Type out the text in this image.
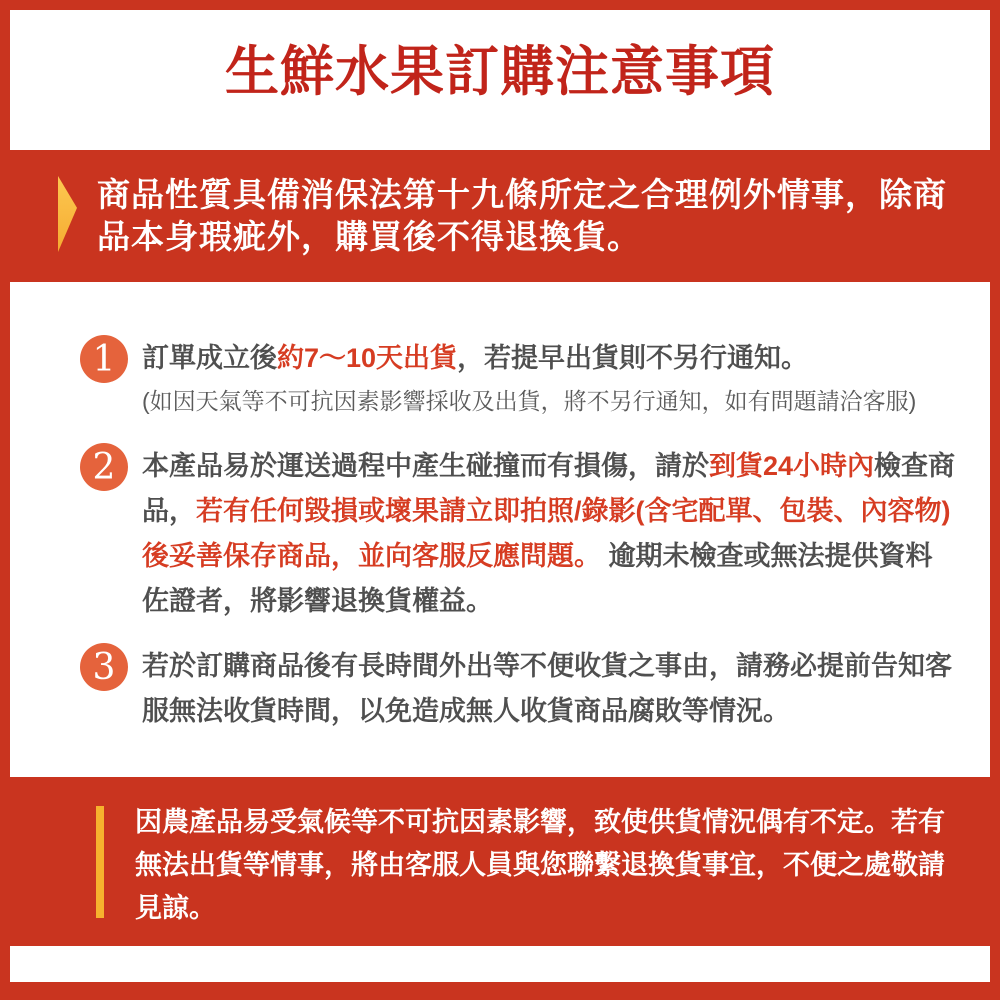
生鮮水果訂購注意事項

商品性質具備消保法第十九條所定之合理例外情事，除商品本身瑕疵外，購買後不得退換貨。

1 訂單成立後約7～10天出貨，若提早出貨則不另行通知。

(如因天氣等不可抗因素影響採收及出貨，將不另行通知，如有問題請洽客服)

2 本產品易於運送過程中產生碰撞而有損傷，請於到貨24小時內檢查商品，若有任何毀損或壞果請立即拍照/錄影(含宅配單、包裝、內容物)後妥善保存商品，並向客服反應問題。 逾期未檢查或無法提供資料佐證者，將影響退換貨權益。

3 若於訂購商品後有長時間外出等不便收貨之事由，請務必提前告知客服無法收貨時間，以免造成無人收貨商品腐敗等情況。

因農產品易受氣候等不可抗因素影響，致使供貨情況偶有不定。若有無法出貨等情事，將由客服人員與您聯繫退換貨事宜，不便之處敬請見諒。
